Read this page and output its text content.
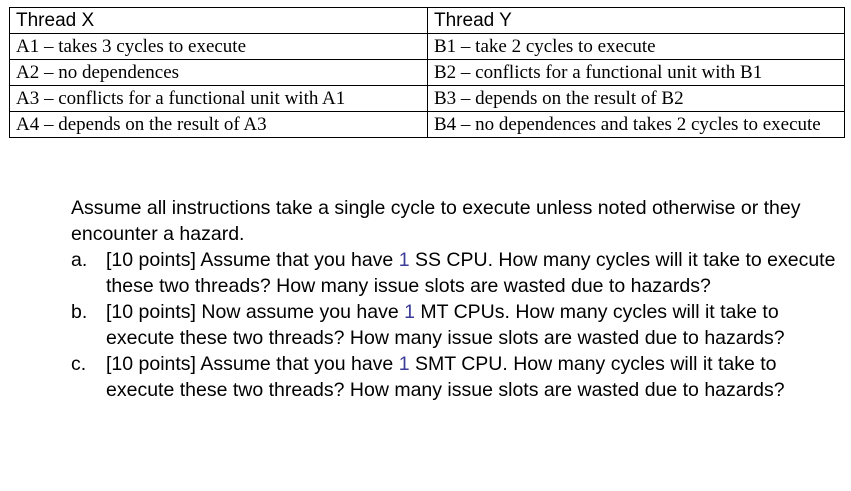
Thread X	Thread Y
A1 – takes 3 cycles to execute	B1 – take 2 cycles to execute
A2 – no dependences	B2 – conflicts for a functional unit with B1
A3 – conflicts for a functional unit with A1	B3 – depends on the result of B2
A4 – depends on the result of A3	B4 – no dependences and takes 2 cycles to execute

Assume all instructions take a single cycle to execute unless noted otherwise or they encounter a hazard.

a. [10 points] Assume that you have 1 SS CPU. How many cycles will it take to execute these two threads? How many issue slots are wasted due to hazards?
b. [10 points] Now assume you have 1 MT CPUs. How many cycles will it take to execute these two threads? How many issue slots are wasted due to hazards?
c.	[10 points] Assume that you have 1 SMT CPU. How many cycles will it take to execute these two threads? How many issue slots are wasted due to hazards?
